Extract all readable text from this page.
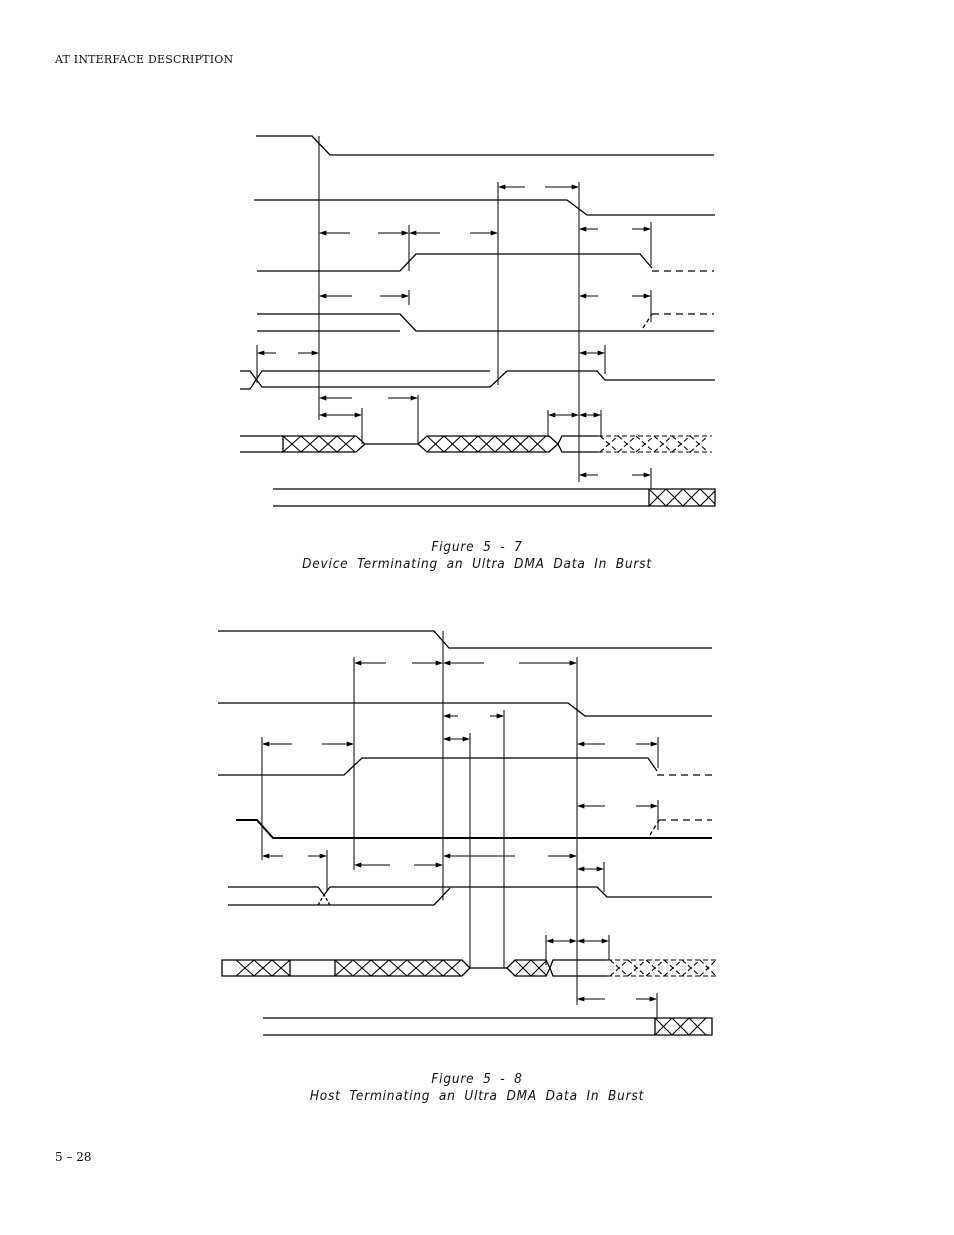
AT INTERFACE DESCRIPTION
Figure 5 - 7
Device Terminating an Ultra DMA Data In Burst
Figure 5 - 8
Host Terminating an Ultra DMA Data In Burst
5 – 28
